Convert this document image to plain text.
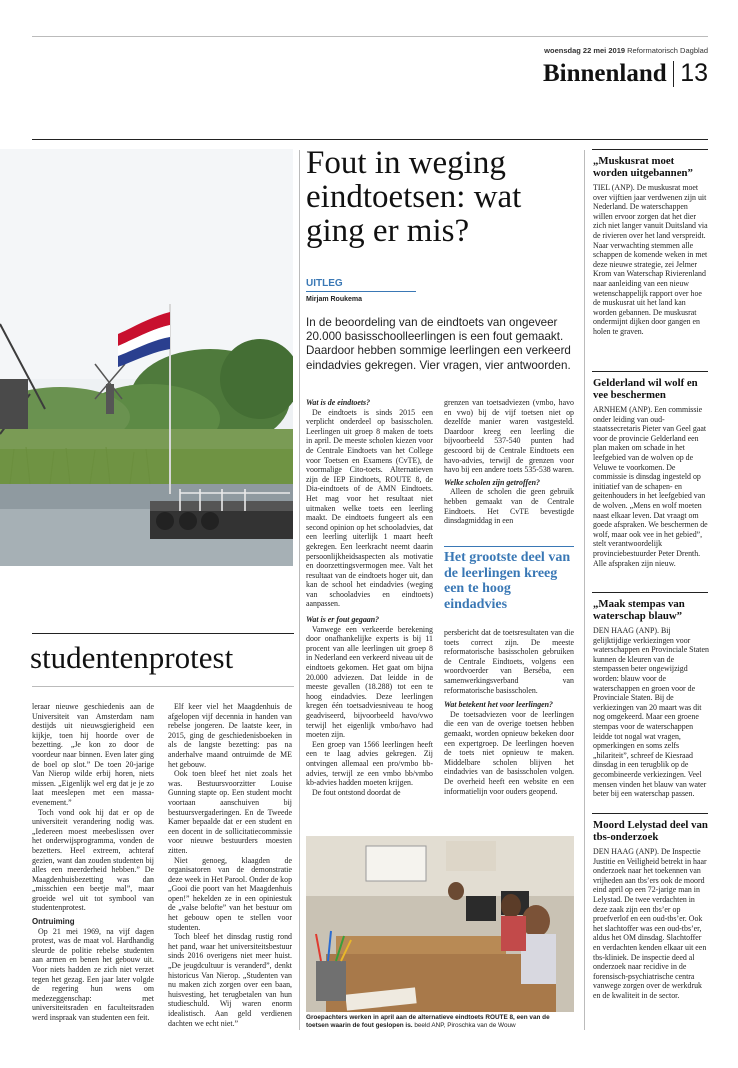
woensdag 22 mei 2019 Reformatorisch Dagblad
Binnenland 13
studentenprotest

leraar nieuwe geschiedenis aan de Universiteit van Amsterdam nam destijds uit nieuwsgierigheid een kijkje, toen hij hoorde over de bezetting. „Je kon zo door de voordeur naar binnen. Even later ging de boel op slot.” De toen 20-jarige Van Nierop wilde erbij horen, niets missen. „Eigenlijk wel erg dat je je zo laat meeslepen met een massa-evenement.”

Toch vond ook hij dat er op de universiteit verandering nodig was. „Iedereen moest meebeslissen over het onderwijsprogramma, vonden de bezetters. Heel extreem, achteraf gezien, want dan zouden studenten bij alles een meerderheid hebben.” De Maagdenhuisbezetting was dan „misschien een beetje mal”, maar groeide wel uit tot symbool van studentenprotest.

Ontruiming

Op 21 mei 1969, na vijf dagen protest, was de maat vol. Hardhandig sleurde de politie rebelse studenten aan armen en benen het gebouw uit. Voor niets hadden ze zich niet verzet tegen het gezag. Een jaar later volgde de regering hun wens om medezeggenschap: met universiteitsraden en faculteitsraden werd inspraak van studenten een feit.

Elf keer viel het Maagdenhuis de afgelopen vijf decennia in handen van rebelse jongeren. De laatste keer, in 2015, ging de geschiedenisboeken in als de langste bezetting: pas na anderhalve maand ontruimde de ME het gebouw.

Ook toen bleef het niet zoals het was. Bestuursvoorzitter Louise Gunning stapte op. Een student mocht voortaan aanschuiven bij bestuursvergaderingen. En de Tweede Kamer bepaalde dat er een student en een docent in de sollicitatiecommissie voor nieuwe bestuurders moesten zitten.

Niet genoeg, klaagden de organisatoren van de demonstratie deze week in Het Parool. Onder de kop „Gooi die poort van het Maagdenhuis open!” hekelden ze in een opiniestuk de „valse belofte” van het bestuur om het gebouw open te stellen voor studenten.

Toch bleef het dinsdag rustig rond het pand, waar het universiteitsbestuur sinds 2016 overigens niet meer huist. „De jeugdcultuur is veranderd”, denkt historicus Van Nierop. „Studenten van nu maken zich zorgen over een baan, huisvesting, het terugbetalen van hun studieschuld. Wij waren enorm idealistisch. Aan geld verdienen dachten we echt niet.”

Fout in weging eindtoetsen: wat ging er mis?
UITLEG
Mirjam Roukema
In de beoordeling van de eindtoets van ongeveer 20.000 basisschoolleerlingen is een fout gemaakt. Daardoor hebben sommige leerlingen een verkeerd eindadvies gekregen. Vier vragen, vier antwoorden.

Wat is de eindtoets?

De eindtoets is sinds 2015 een verplicht onderdeel op basisscholen. Leerlingen uit groep 8 maken de toets in april. De meeste scholen kiezen voor de Centrale Eindtoets van het College voor Toetsen en Examens (CvTE), de voormalige Cito-toets. Alternatieven zijn de IEP Eindtoets, ROUTE 8, de Dia-eindtoets of de AMN Eindtoets. Het mag voor het resultaat niet uitmaken welke toets een leerling maakt. De eindtoets fungeert als een second opinion op het schooladvies, dat een leerling uiterlijk 1 maart heeft gekregen. Een leerkracht neemt daarin persoonlijkheidsaspecten als motivatie en doorzettingsvermogen mee. Valt het resultaat van de eindtoets hoger uit, dan kan de school het eindadvies (weging van schooladvies en eindtoets) aanpassen.

Wat is er fout gegaan?

Vanwege een verkeerde berekening door onafhankelijke experts is bij 11 procent van alle leerlingen uit groep 8 in Nederland een verkeerd niveau uit de eindtoets gekomen. Het gaat om bijna 20.000 adviezen. Dat leidde in de meeste gevallen (18.288) tot een te hoog eindadvies. Deze leerlingen kregen één toetsadviesniveau te hoog geadviseerd, bijvoorbeeld havo/vwo terwijl het eigenlijk vmbo/havo had moeten zijn.

Een groep van 1566 leerlingen heeft een te laag advies gekregen. Zij ontvingen allemaal een pro/vmbo bb-advies, terwijl ze een vmbo bb/vmbo kb-advies hadden moeten krijgen.

De fout ontstond doordat de

grenzen van toetsadviezen (vmbo, havo en vwo) bij de vijf toetsen niet op dezelfde manier waren vastgesteld. Daardoor kreeg een leerling die bijvoorbeeld 537-540 punten had gescoord bij de Centrale Eindtoets een havo-advies, terwijl de grenzen voor havo bij een andere toets 535-538 waren.

Welke scholen zijn getroffen?

Alleen de scholen die geen gebruik hebben gemaakt van de Centrale Eindtoets. Het CvTE bevestigde dinsdagmiddag in een

Het grootste deel van de leerlingen kreeg een te hoog eindadvies

persbericht dat de toetsresultaten van die toets correct zijn. De meeste reformatorische basisscholen gebruiken de Centrale Eindtoets, volgens een woordvoerder van Berséba, een samenwerkingsverband van reformatorische basisscholen.

Wat betekent het voor leerlingen?

De toetsadviezen voor de leerlingen die een van de overige toetsen hebben gemaakt, worden opnieuw bekeken door een expertgroep. De leerlingen hoeven de toets niet opnieuw te maken. Middelbare scholen blijven het eindadvies van de basisscholen volgen. De overheid heeft een website en een informatielijn voor ouders geopend.

Groepachters werken in april aan de alternatieve eindtoets ROUTE 8, een van de toetsen waarin de fout geslopen is. beeld ANP, Piroschka van de Wouw
„Muskusrat moet worden uitgebannen”
TIEL (ANP). De muskusrat moet over vijftien jaar verdwenen zijn uit Nederland. De waterschappen willen ervoor zorgen dat het dier zich niet langer vanuit Duitsland via de rivieren over het land verspreidt. Naar verwachting stemmen alle schappen de komende weken in met deze nieuwe strategie, zei Jelmer Krom van Waterschap Rivierenland naar aanleiding van een nieuw wetenschappelijk rapport over hoe de muskusrat uit het land kan worden gebannen. De muskusrat ondermijnt dijken door gangen en holen te graven.
Gelderland wil wolf en vee beschermen
ARNHEM (ANP). Een commissie onder leiding van oud-staatssecretaris Pieter van Geel gaat voor de provincie Gelderland een plan maken om schade in het leefgebied van de wolven op de Veluwe te voorkomen. De commissie is dinsdag ingesteld op initiatief van de schapen- en geitenhouders in het leefgebied van de wolven. „Mens en wolf moeten naast elkaar leven. Dat vraagt om goede afspraken. We beschermen de wolf, maar ook vee in het gebied”, stelt verantwoordelijk provinciebestuurder Peter Drenth. Alle afspraken zijn nieuw.
„Maak stempas van waterschap blauw”
DEN HAAG (ANP). Bij gelijktijdige verkiezingen voor waterschappen en Provinciale Staten kunnen de kleuren van de stempassen beter ongewijzigd worden: blauw voor de waterschappen en groen voor de Provinciale Staten. Bij de verkiezingen van 20 maart was dit nog omgekeerd. Maar een groene stempas voor de waterschappen leidde tot nogal wat vragen, opmerkingen en soms zelfs „hilariteit”, schreef de Kiesraad dinsdag in een terugblik op de gecombineerde verkiezingen. Veel mensen vinden het blauw van water beter bij een waterschap passen.
Moord Lelystad deel van tbs-onderzoek
DEN HAAG (ANP). De Inspectie Justitie en Veiligheid betrekt in haar onderzoek naar het toekennen van vrijheden aan tbs’ers ook de moord eind april op een 72-jarige man in Lelystad. De twee verdachten in deze zaak zijn een tbs’er op proefverlof en een oud-tbs’er. Ook het slachtoffer was een oud-tbs’er, aldus het OM dinsdag. Slachtoffer en verdachten kenden elkaar uit een tbs-kliniek. De inspectie deed al onderzoek naar recidive in de forensisch-psychiatrische centra vanwege zorgen over de werkdruk en de kwaliteit in de sector.
